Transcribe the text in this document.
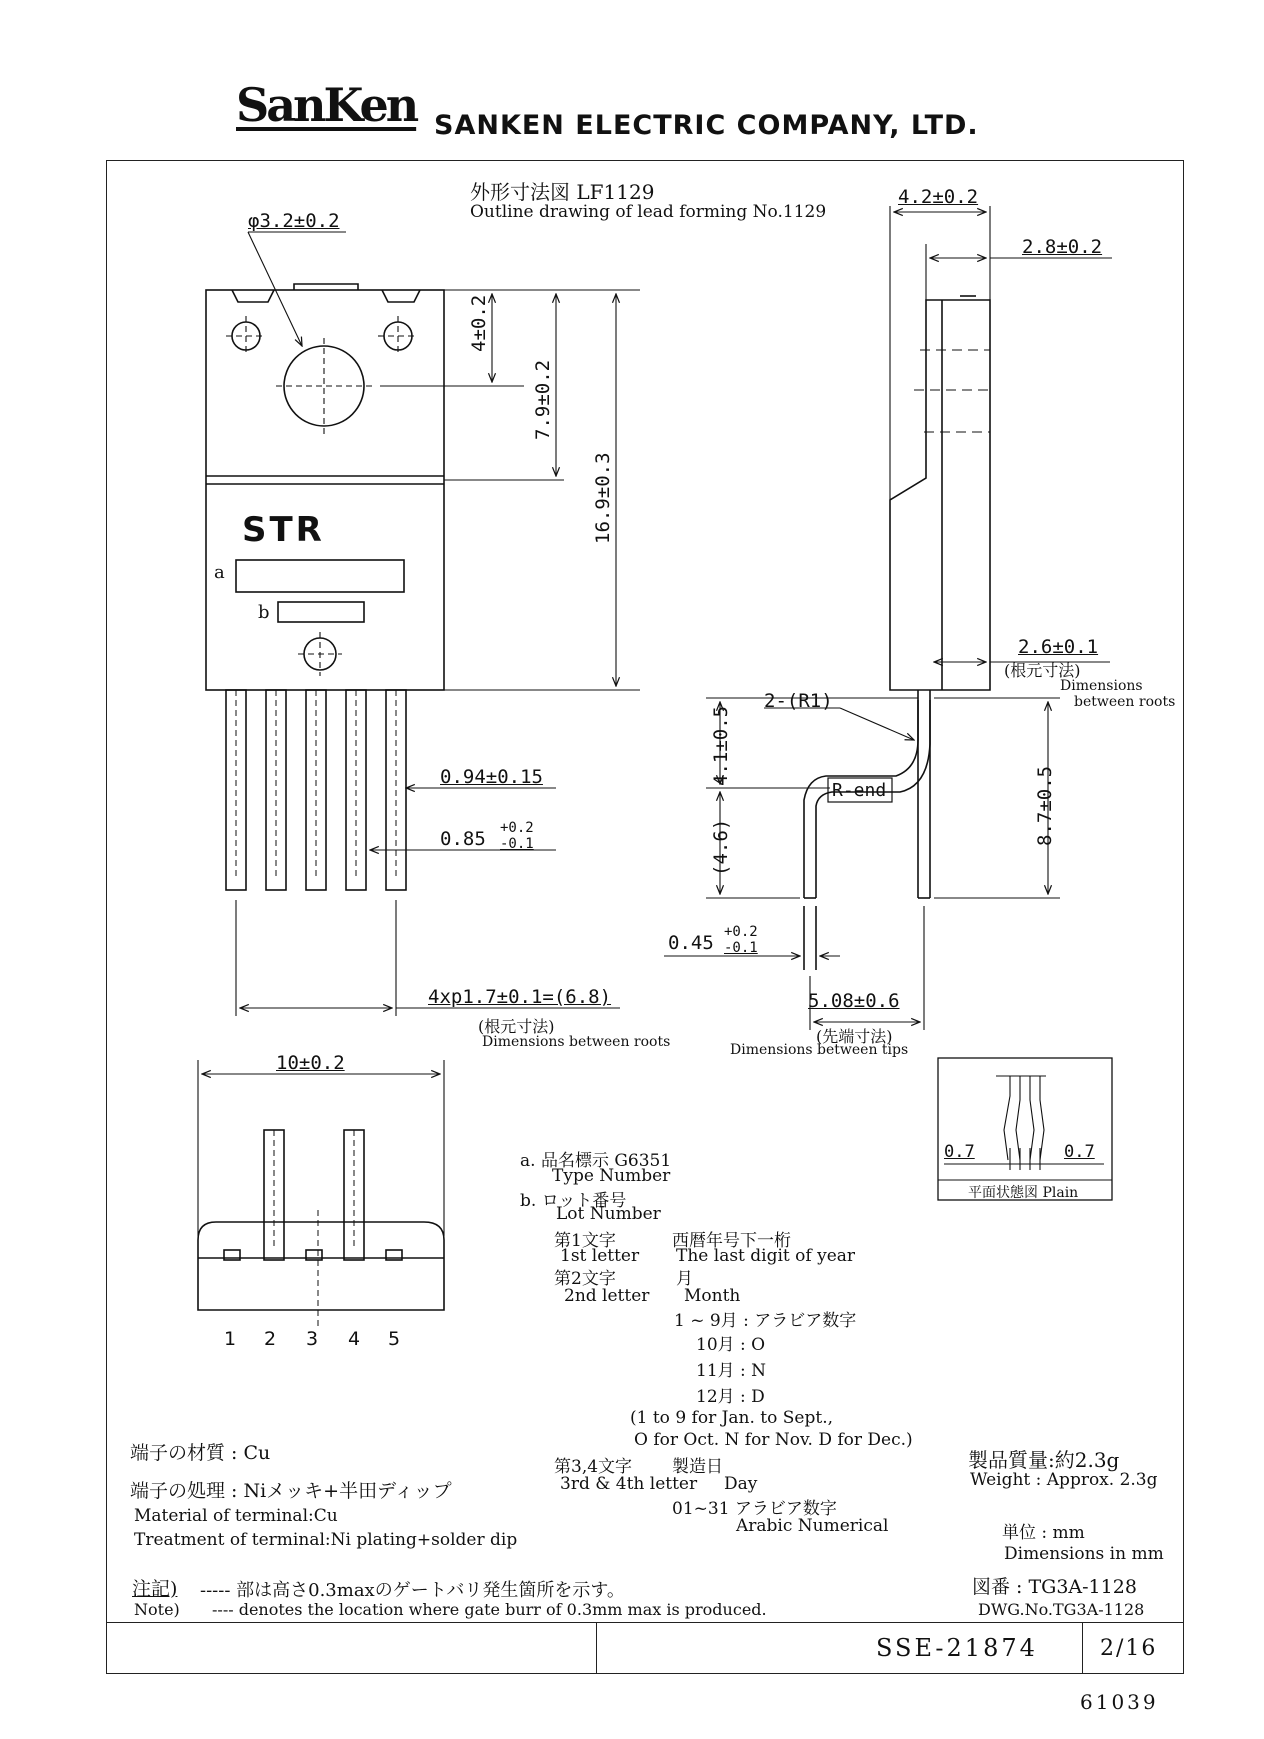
SanKen SANKEN ELECTRIC COMPANY, LTD.
外形寸法図 LF1129
Outline drawing of lead forming No.1129
φ3.2±0.2
4±0.2
7.9±0.2
16.9±0.3
STR
a
b
0.94±0.15
0.85 +0.2
-0.1
4xp1.7±0.1=(6.8)
(根元寸法)
Dimensions between roots
4.2±0.2
2.8±0.2
2.6±0.1
(根元寸法)
Dimensions
between roots
2-(R1)
R-end
4.1±0.5
(4.6)
8.7±0.5
0.45 +0.2
-0.1
5.08±0.6
(先端寸法)
Dimensions between tips
10±0.2
1 2 3 4 5
0.7	0.7
平面状態図 Plain
a. 品名標示 G6351
Type Number
b. ロット番号
Lot Number
第1文字	西暦年号下一桁
1st letter The last digit of year
第2文字	月
2nd letter Month
1 ~ 9月 : アラビア数字
10月 : O
11月 : N
12月 : D
(1 to 9 for Jan. to Sept.,
O for Oct. N for Nov. D for Dec.)
第3,4文字 製造日
3rd & 4th letter Day
01~31 アラビア数字
Arabic Numerical
端子の材質 : Cu
端子の処理 : Niメッキ+半田ディップ
Material of terminal:Cu
Treatment of terminal:Ni plating+solder dip
製品質量:約2.3g
Weight : Approx. 2.3g
単位 : mm
Dimensions in mm
図番 : TG3A-1128
DWG.No.TG3A-1128
注記) ----- 部は高さ0.3maxのゲートバリ発生箇所を示す。
Note) ---- denotes the location where gate burr of 0.3mm max is produced.
SSE-21874	2/16
61039
